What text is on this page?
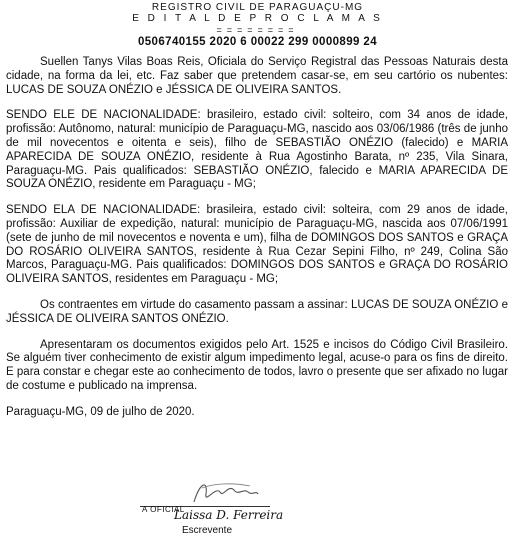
REGISTRO CIVIL DE PARAGUAÇU-MG
E D I T A L D E P R O C L A M A S
========
0506740155 2020 6 00022 299 0000899 24

Suellen Tanys Vilas Boas Reis, Oficiala do Serviço Registral das Pessoas Naturais desta cidade, na forma da lei, etc. Faz saber que pretendem casar-se, em seu cartório os nubentes: LUCAS DE SOUZA ONÉZIO e JÉSSICA DE OLIVEIRA SANTOS.

SENDO ELE DE NACIONALIDADE: brasileiro, estado civil: solteiro, com 34 anos de idade, profissão: Autônomo, natural: município de Paraguaçu-MG, nascido aos 03/06/1986 (três de junho de mil novecentos e oitenta e seis), filho de SEBASTIÃO ONÉZIO (falecido) e MARIA APARECIDA DE SOUZA ONÉZIO, residente à Rua Agostinho Barata, nº 235, Vila Sinara, Paraguaçu-MG. Pais qualificados: SEBASTIÃO ONÉZIO, falecido e MARIA APARECIDA DE SOUZA ONÉZIO, residente em Paraguaçu - MG;

SENDO ELA DE NACIONALIDADE: brasileira, estado civil: solteira, com 29 anos de idade, profissão: Auxiliar de expedição, natural: município de Paraguaçu-MG, nascida aos 07/06/1991 (sete de junho de mil novecentos e noventa e um), filha de DOMINGOS DOS SANTOS e GRAÇA DO ROSÁRIO OLIVEIRA SANTOS, residente à Rua Cezar Sepini Filho, nº 249, Colina São Marcos, Paraguaçu-MG. Pais qualificados: DOMINGOS DOS SANTOS e GRAÇA DO ROSÁRIO OLIVEIRA SANTOS, residentes em Paraguaçu - MG;

Os contraentes em virtude do casamento passam a assinar: LUCAS DE SOUZA ONÉZIO e JÉSSICA DE OLIVEIRA SANTOS ONÉZIO.

Apresentaram os documentos exigidos pelo Art. 1525 e incisos do Código Civil Brasileiro. Se alguém tiver conhecimento de existir algum impedimento legal, acuse-o para os fins de direito. E para constar e chegar este ao conhecimento de todos, lavro o presente que ser afixado no lugar de costume e publicado na imprensa.

Paraguaçu-MG, 09 de julho de 2020.

A OFICIAL
Laissa D. Ferreira
Escrevente
